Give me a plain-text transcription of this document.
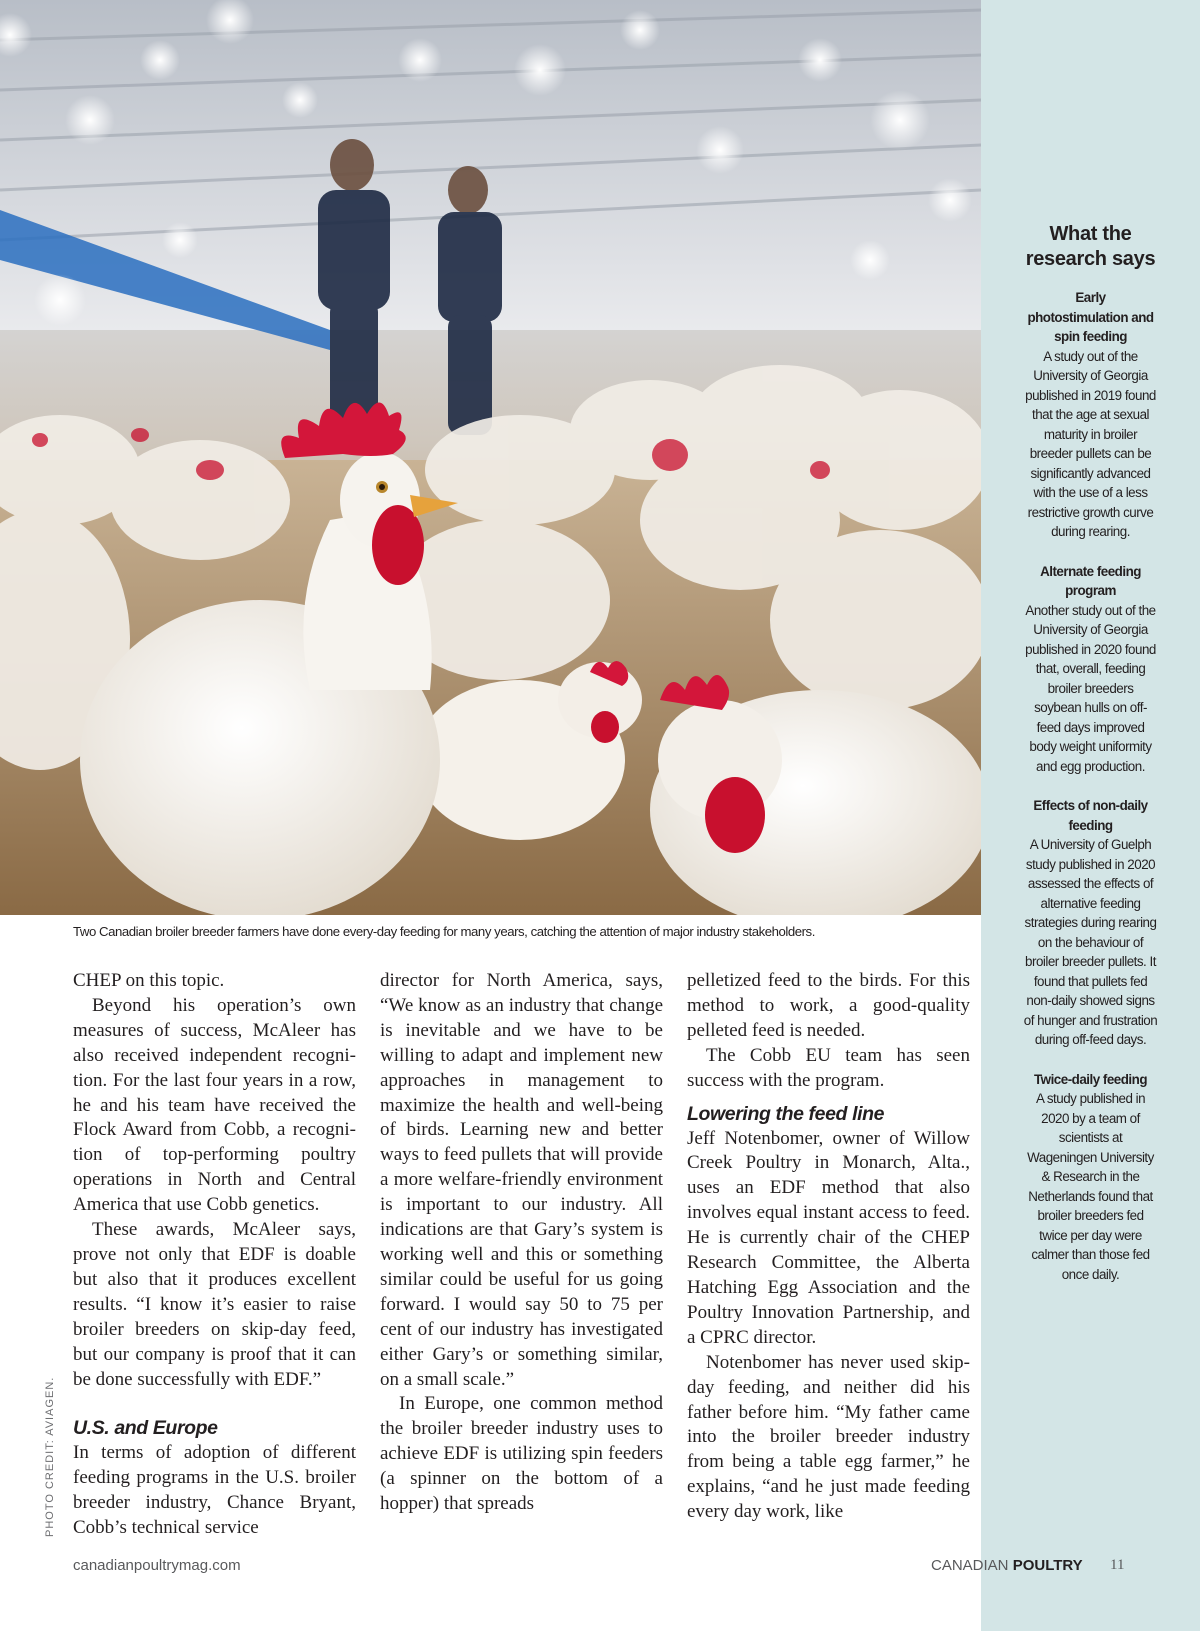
What the research says
Early photostimulation and spin feeding
A study out of the University of Georgia published in 2019 found that the age at sexual maturity in broiler breeder pullets can be significantly advanced with the use of a less restrictive growth curve during rearing.
Alternate feeding program
Another study out of the University of Georgia published in 2020 found that, overall, feeding broiler breeders soybean hulls on off-feed days improved body weight uniformity and egg production.
Effects of non-daily feeding
A University of Guelph study published in 2020 assessed the effects of alternative feeding strategies during rearing on the behaviour of broiler breeder pullets. It found that pullets fed non-daily showed signs of hunger and frustration during off-feed days.
Twice-daily feeding
A study published in 2020 by a team of scientists at Wageningen University & Research in the Netherlands found that broiler breeders fed twice per day were calmer than those fed once daily.
Two Canadian broiler breeder farmers have done every-day feeding for many years, catching the attention of major industry stakeholders.

CHEP on this topic.

Beyond his operation’s own measures of success, McAleer has also received independent recognition. For the last four years in a row, he and his team have received the Flock Award from Cobb, a recognition of top-performing poultry operations in North and Central America that use Cobb genetics.

These awards, McAleer says, prove not only that EDF is doable but also that it produces excellent results. “I know it’s easier to raise broiler breeders on skip-day feed, but our company is proof that it can be done successfully with EDF.”

U.S. and Europe

In terms of adoption of different feeding programs in the U.S. broiler breeder industry, Chance Bryant, Cobb’s technical service

director for North America, says, “We know as an industry that change is inevitable and we have to be willing to adapt and implement new approaches in management to maximize the health and well-being of birds. Learning new and better ways to feed pullets that will provide a more welfare-friendly environment is important to our industry. All indications are that Gary’s system is working well and this or something similar could be useful for us going forward. I would say 50 to 75 per cent of our industry has investigated either Gary’s or something similar, on a small scale.”

In Europe, one common method the broiler breeder industry uses to achieve EDF is utilizing spin feeders (a spinner on the bottom of a hopper) that spreads

pelletized feed to the birds. For this method to work, a good-quality pelleted feed is needed.

The Cobb EU team has seen success with the program.

Lowering the feed line

Jeff Notenbomer, owner of Willow Creek Poultry in Monarch, Alta., uses an EDF method that also involves equal instant access to feed. He is currently chair of the CHEP Research Committee, the Alberta Hatching Egg Association and the Poultry Innovation Partnership, and a CPRC director.

Notenbomer has never used skip-day feeding, and neither did his father before him. “My father came into the broiler breeder industry from being a table egg farmer,” he explains, “and he just made feeding every day work, like

PHOTO CREDIT: AVIAGEN.
canadianpoultrymag.com	CANADIAN POULTRY 11
